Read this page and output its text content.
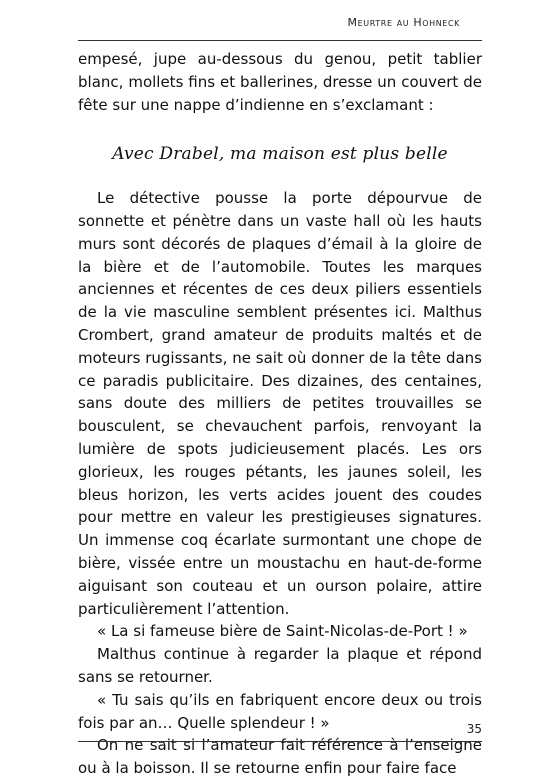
Meurtre au Hohneck

empesé, jupe au-dessous du genou, petit tablier blanc, mollets fins et ballerines, dresse un couvert de fête sur une nappe d’indienne en s’exclamant :

Avec Drabel, ma maison est plus belle

Le détective pousse la porte dépourvue de sonnette et pénètre dans un vaste hall où les hauts murs sont décorés de plaques d’émail à la gloire de la bière et de l’automobile. Toutes les marques anciennes et récentes de ces deux piliers essentiels de la vie masculine semblent présentes ici. Malthus Crombert, grand amateur de produits maltés et de moteurs rugissants, ne sait où donner de la tête dans ce paradis publicitaire. Des dizaines, des centaines, sans doute des milliers de petites trouvailles se bousculent, se chevauchent parfois, renvoyant la lumière de spots judicieusement placés. Les ors glorieux, les rouges pétants, les jaunes soleil, les bleus horizon, les verts acides jouent des coudes pour mettre en valeur les prestigieuses signatures. Un immense coq écarlate surmontant une chope de bière, vissée entre un moustachu en haut-de-forme aiguisant son couteau et un ourson polaire, attire particulièrement l’attention.

« La si fameuse bière de Saint-Nicolas-de-Port ! »

Malthus continue à regarder la plaque et répond sans se retourner.

« Tu sais qu’ils en fabriquent encore deux ou trois fois par an… Quelle splendeur ! »

On ne sait si l’amateur fait référence à l’enseigne ou à la boisson. Il se retourne enfin pour faire face

35
